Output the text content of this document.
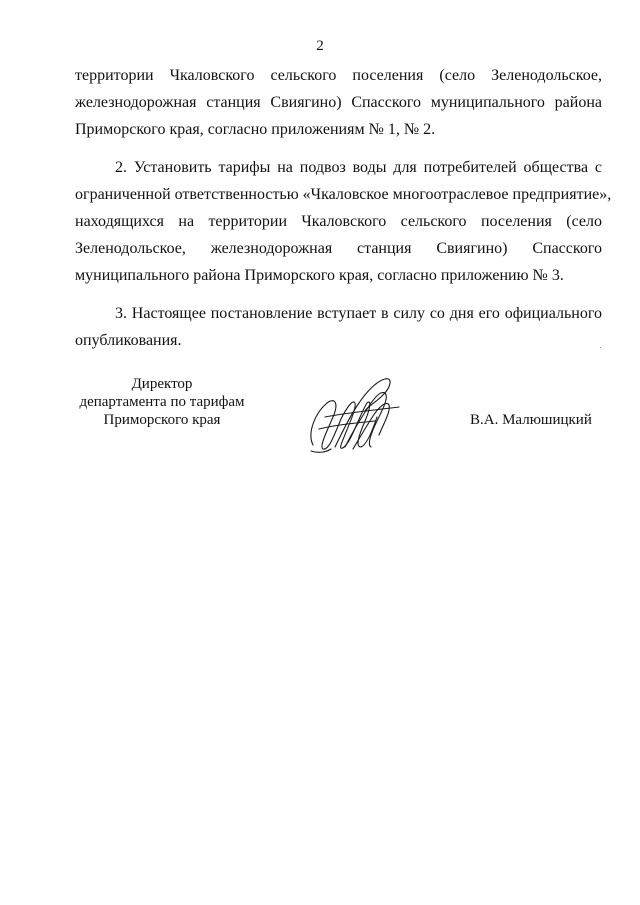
2
территории Чкаловского сельского поселения (село Зеленодольское,
железнодорожная станция Свиягино) Спасского муниципального района
Приморского края, согласно приложениям № 1, № 2.
2. Установить тарифы на подвоз воды для потребителей общества с
ограниченной ответственностью «Чкаловское многоотраслевое предприятие»,
находящихся на территории Чкаловского сельского поселения (село
Зеленодольское, железнодорожная станция Свиягино) Спасского
муниципального района Приморского края, согласно приложению № 3.
3. Настоящее постановление вступает в силу со дня его официального
опубликования.
Директор
департамента по тарифам
Приморского края	В.А. Малюшицкий
